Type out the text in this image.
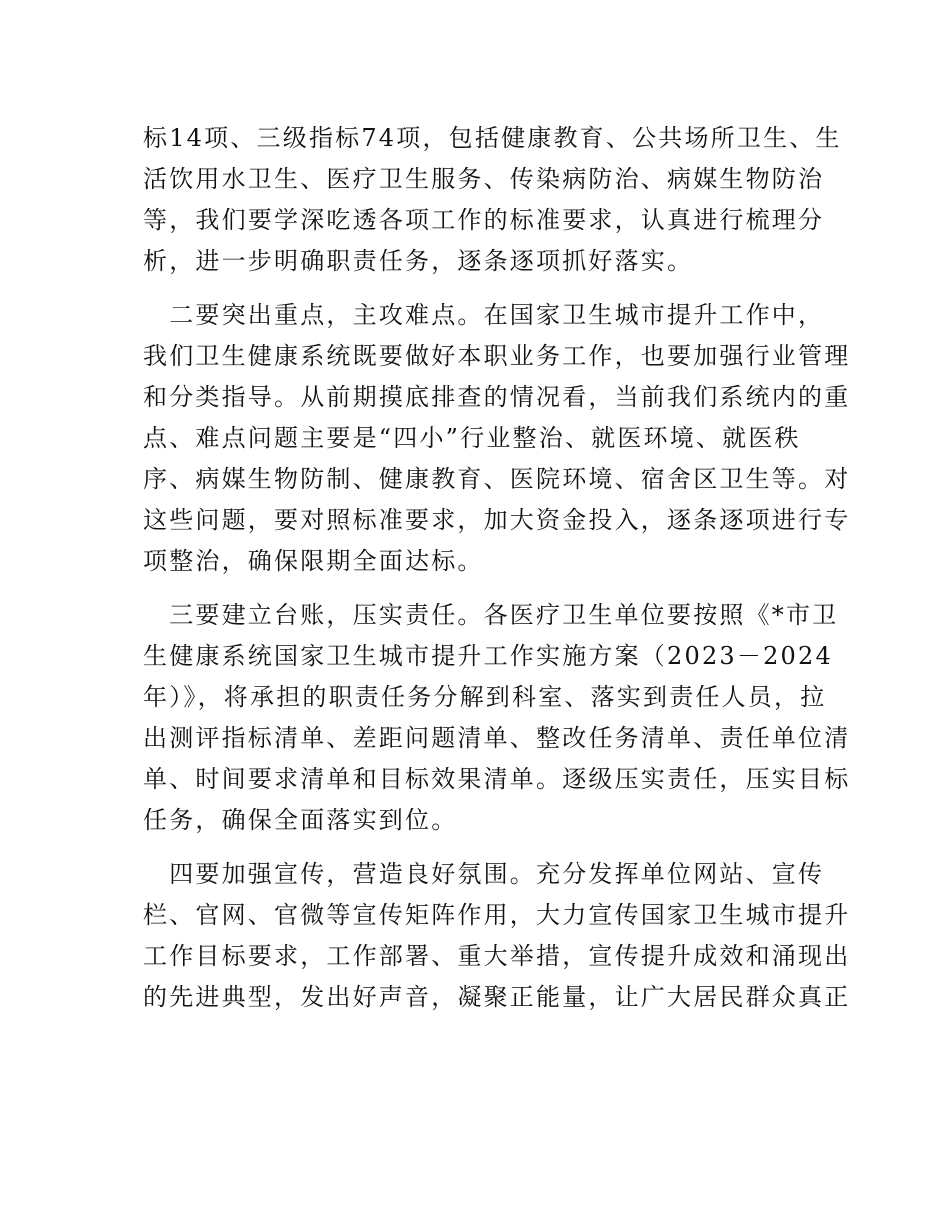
标14项、三级指标74项，包括健康教育、公共场所卫生、生
活饮用水卫生、医疗卫生服务、传染病防治、病媒生物防治
等，我们要学深吃透各项工作的标准要求，认真进行梳理分
析，进一步明确职责任务，逐条逐项抓好落实。

　二要突出重点，主攻难点。在国家卫生城市提升工作中，
我们卫生健康系统既要做好本职业务工作，也要加强行业管理
和分类指导。从前期摸底排查的情况看，当前我们系统内的重
点、难点问题主要是“四小”行业整治、就医环境、就医秩
序、病媒生物防制、健康教育、医院环境、宿舍区卫生等。对
这些问题，要对照标准要求，加大资金投入，逐条逐项进行专
项整治，确保限期全面达标。

　三要建立台账，压实责任。各医疗卫生单位要按照《*市卫
生健康系统国家卫生城市提升工作实施方案（2023－2024
年）》，将承担的职责任务分解到科室、落实到责任人员，拉
出测评指标清单、差距问题清单、整改任务清单、责任单位清
单、时间要求清单和目标效果清单。逐级压实责任，压实目标
任务，确保全面落实到位。

　四要加强宣传，营造良好氛围。充分发挥单位网站、宣传
栏、官网、官微等宣传矩阵作用，大力宣传国家卫生城市提升
工作目标要求，工作部署、重大举措，宣传提升成效和涌现出
的先进典型，发出好声音，凝聚正能量，让广大居民群众真正
